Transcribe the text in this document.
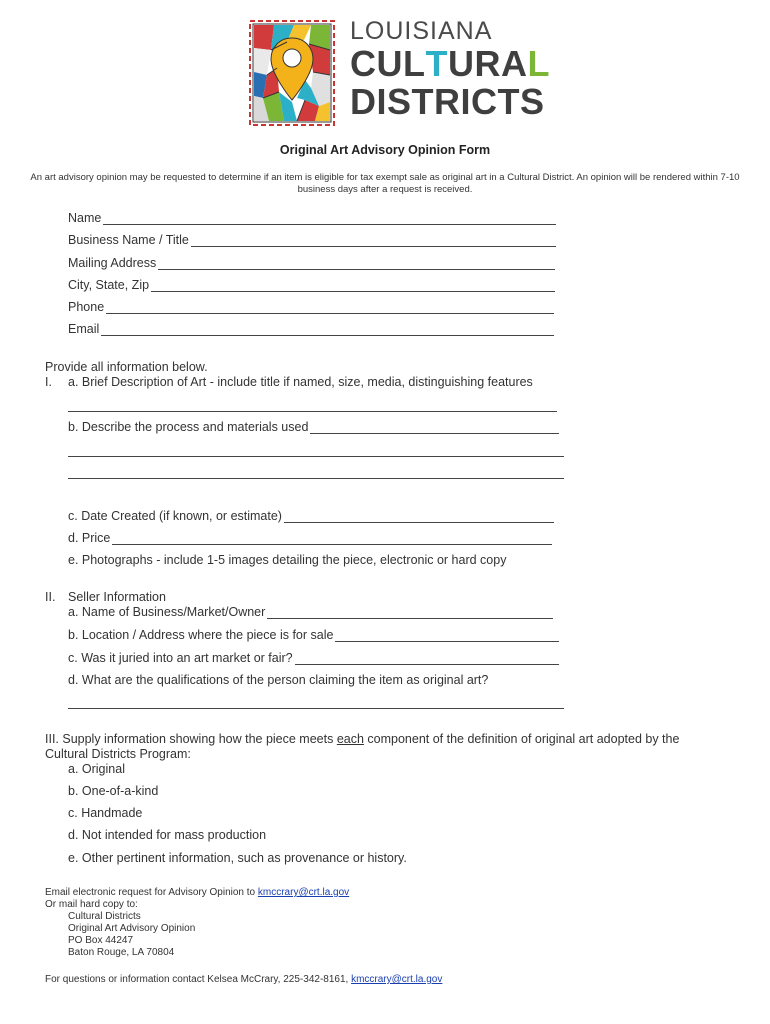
LOUISIANA
CULTURAL
DISTRICTS
Original Art Advisory Opinion Form
An art advisory opinion may be requested to determine if an item is eligible for tax exempt sale as original art in a Cultural District. An opinion will be rendered within 7-10 business days after a request is received.
Name
Business Name / Title
Mailing Address
City, State, Zip
Phone
Email
Provide all information below.
I. a. Brief Description of Art - include title if named, size, media, distinguishing features
b. Describe the process and materials used
c. Date Created (if known, or estimate)
d. Price
e. Photographs - include 1-5 images detailing the piece, electronic or hard copy
II. Seller Information
a. Name of Business/Market/Owner
b. Location / Address where the piece is for sale
c. Was it juried into an art market or fair?
d. What are the qualifications of the person claiming the item as original art?
III. Supply information showing how the piece meets each component of the definition of original art adopted by the
Cultural Districts Program:
a. Original
b. One-of-a-kind
c. Handmade
d. Not intended for mass production
e. Other pertinent information, such as provenance or history.
Email electronic request for Advisory Opinion to kmccrary@crt.la.gov
Or mail hard copy to:
Cultural Districts
Original Art Advisory Opinion
PO Box 44247
Baton Rouge, LA 70804
For questions or information contact Kelsea McCrary, 225-342-8161, kmccrary@crt.la.gov
